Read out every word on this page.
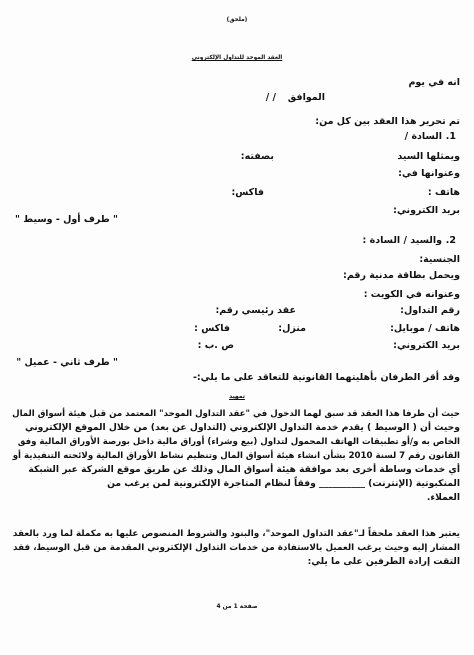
(ملحق)
العقد الموحد للتداول الإلكتروني
انه في يوم
الموافق
/ /
تم تحرير هذا العقد بين كل من:
1.
السادة /
ويمثلها السيد
بصفته:
وعنوانها في:
هاتف :
فاكس:
بريد الكتروني:
" طرف أول - وسيط "
2.
والسيد / السادة :
الجنسية:
ويحمل بطاقة مدنية رقم:
وعنوانه في الكويت :
رقم التداول:
عقد رئيسي رقم:
هاتف / موبايل:
منزل:
فاكس :
بريد الكتروني:
ص .ب :
" طرف ثاني - عميل "
وقد أقر الطرفان بأهليتهما القانونية للتعاقد على ما يلي:-
تمهيد
حيث أن طرفا هذا العقد قد سبق لهما الدخول في "عقد التداول الموحد" المعتمد من قبل هيئة أسواق المال
وحيث أن ( الوسيط ) يقدم خدمة التداول الإلكتروني (التداول عن بعد) من خلال الموقع الإلكتروني
الخاص به و/أو تطبيقات الهاتف المحمول لتداول (بيع وشراء) أوراق مالية داخل بورصة الأوراق المالية وفق
القانون رقم 7 لسنة 2010 بشأن انشاء هيئة أسواق المال وتنظيم نشاط الأوراق المالية ولائحته التنفيذية أو
أي خدمات وساطة أخرى بعد موافقة هيئة أسواق المال وذلك عن طريق موقع الشركة عبر الشبكة
المنكبوتية (الإنترنت) __________ وفقاً لنظام المتاجرة الإلكترونية لمن يرغب من
العملاء.
يعتبر هذا العقد ملحقاً لـ"عقد التداول الموحد"، والبنود والشروط المنصوص عليها به مكملة لما ورد بالعقد
المشار إليه وحيث يرغب العميل بالاستفادة من خدمات التداول الإلكتروني المقدمة من قبل الوسيط، فقد
التقت إرادة الطرفين على ما يلي:
صفحة 1 من 4
